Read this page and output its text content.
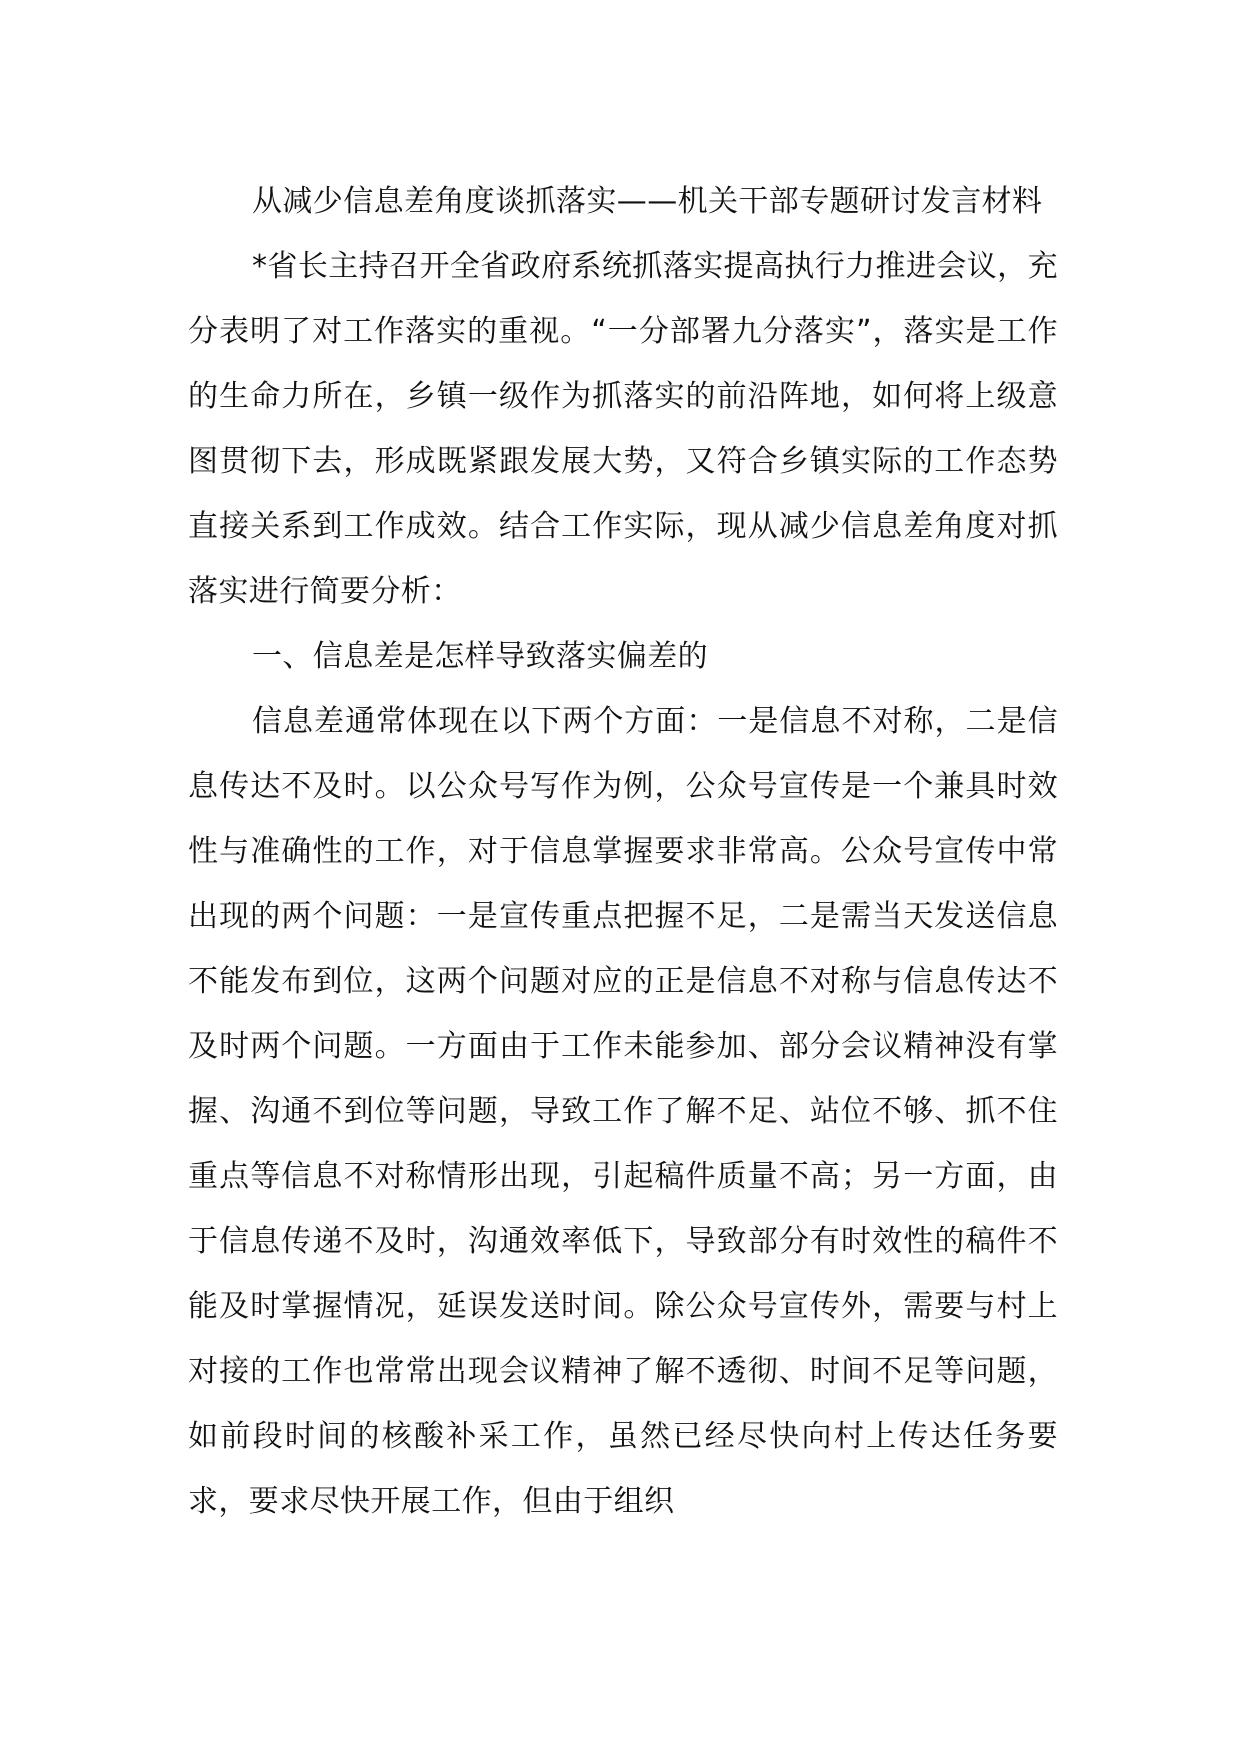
从减少信息差角度谈抓落实——机关干部专题研讨发言材料

*省长主持召开全省政府系统抓落实提高执行力推进会议，充分表明了对工作落实的重视。“一分部署九分落实”，落实是工作的生命力所在，乡镇一级作为抓落实的前沿阵地，如何将上级意图贯彻下去，形成既紧跟发展大势，又符合乡镇实际的工作态势直接关系到工作成效。结合工作实际，现从减少信息差角度对抓落实进行简要分析：

一、信息差是怎样导致落实偏差的

信息差通常体现在以下两个方面：一是信息不对称，二是信息传达不及时。以公众号写作为例，公众号宣传是一个兼具时效性与准确性的工作，对于信息掌握要求非常高。公众号宣传中常出现的两个问题：一是宣传重点把握不足，二是需当天发送信息不能发布到位，这两个问题对应的正是信息不对称与信息传达不及时两个问题。一方面由于工作未能参加、部分会议精神没有掌握、沟通不到位等问题，导致工作了解不足、站位不够、抓不住重点等信息不对称情形出现，引起稿件质量不高；另一方面，由于信息传递不及时，沟通效率低下，导致部分有时效性的稿件不能及时掌握情况，延误发送时间。除公众号宣传外，需要与村上对接的工作也常常出现会议精神了解不透彻、时间不足等问题，如前段时间的核酸补采工作，虽然已经尽快向村上传达任务要求，要求尽快开展工作，但由于组织
